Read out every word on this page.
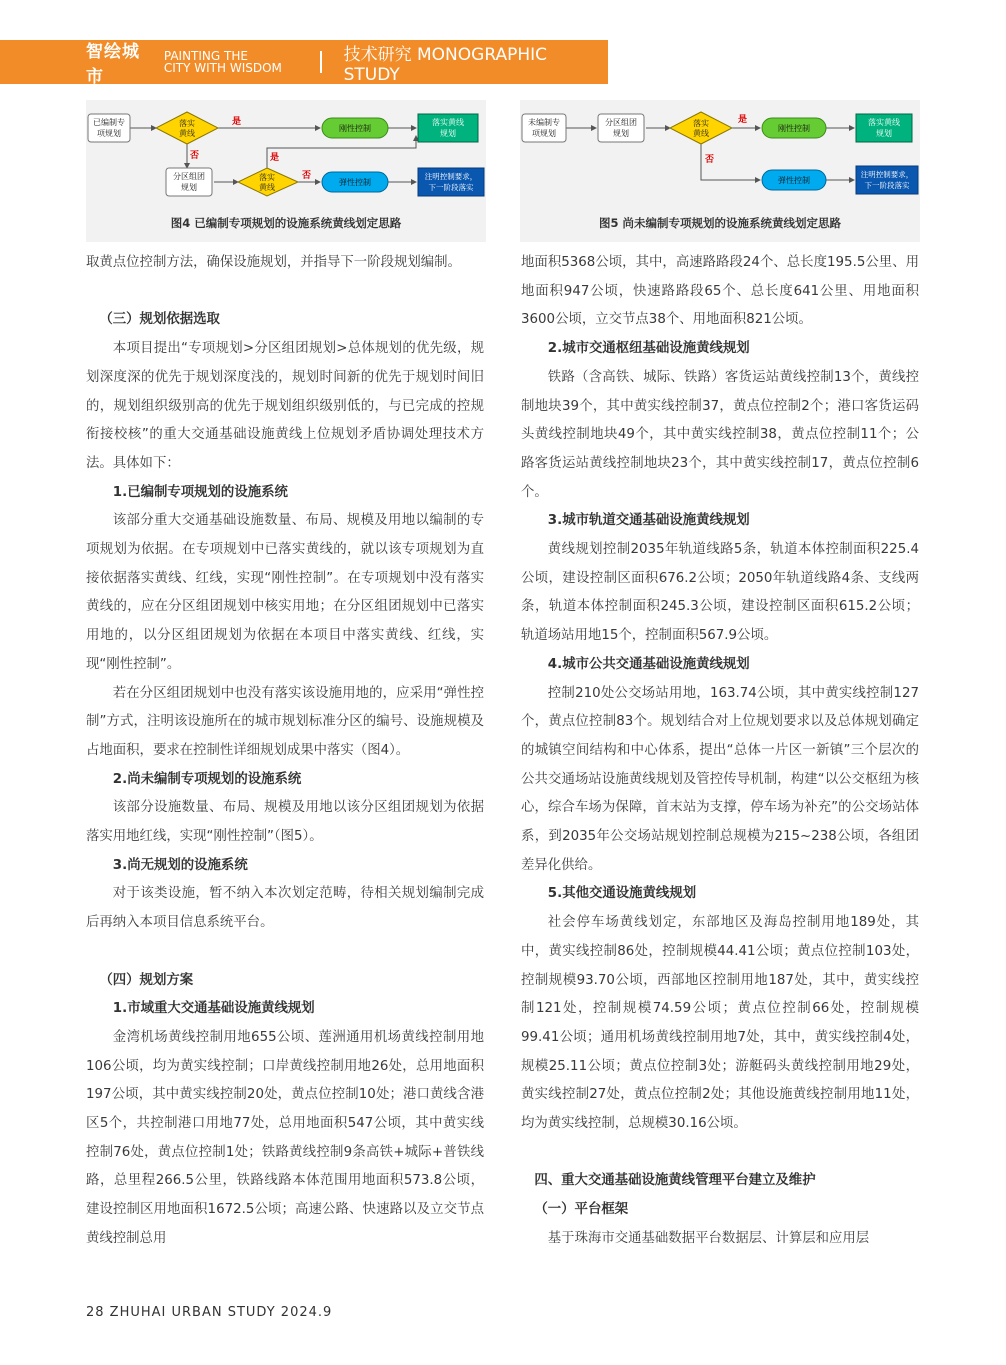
智绘城市
PAINTING THE
CITY WITH WISDOM
技术研究 MONOGRAPHIC STUDY
已编制专
项规划
落实
黄线
刚性控制
落实黄线
规划
分区组团
规划
落实
黄线
弹性控制
注明控制要求，
下一阶段落实
是
否	是
否
图4 已编制专项规划的设施系统黄线划定思路
未编制专
项规划
分区组团
规划
落实
黄线
刚性控制
落实黄线
规划
弹性控制
注明控制要求，
下一阶段落实
是
否
图5 尚未编制专项规划的设施系统黄线划定思路

取黄点位控制方法，确保设施规划，并指导下一阶段规划编制。

（三）规划依据选取

本项目提出“专项规划>分区组团规划>总体规划的优先级，规划深度深的优先于规划深度浅的，规划时间新的优先于规划时间旧的，规划组织级别高的优先于规划组织级别低的，与已完成的控规衔接校核”的重大交通基础设施黄线上位规划矛盾协调处理技术方法。具体如下：

1.已编制专项规划的设施系统

该部分重大交通基础设施数量、布局、规模及用地以编制的专项规划为依据。在专项规划中已落实黄线的，就以该专项规划为直接依据落实黄线、红线，实现“刚性控制”。在专项规划中没有落实黄线的，应在分区组团规划中核实用地；在分区组团规划中已落实用地的，以分区组团规划为依据在本项目中落实黄线、红线，实现“刚性控制”。

若在分区组团规划中也没有落实该设施用地的，应采用“弹性控制”方式，注明该设施所在的城市规划标准分区的编号、设施规模及占地面积，要求在控制性详细规划成果中落实（图4）。

2.尚未编制专项规划的设施系统

该部分设施数量、布局、规模及用地以该分区组团规划为依据落实用地红线，实现“刚性控制”（图5）。

3.尚无规划的设施系统

对于该类设施，暂不纳入本次划定范畴，待相关规划编制完成后再纳入本项目信息系统平台。

（四）规划方案

1.市域重大交通基础设施黄线规划

金湾机场黄线控制用地655公顷、莲洲通用机场黄线控制用地106公顷，均为黄实线控制；口岸黄线控制用地26处，总用地面积197公顷，其中黄实线控制20处，黄点位控制10处；港口黄线含港区5个，共控制港口用地77处，总用地面积547公顷，其中黄实线控制76处，黄点位控制1处；铁路黄线控制9条高铁+城际+普铁线路，总里程266.5公里，铁路线路本体范围用地面积573.8公顷，建设控制区用地面积1672.5公顷；高速公路、快速路以及立交节点黄线控制总用

地面积5368公顷，其中，高速路路段24个、总长度195.5公里、用地面积947公顷，快速路路段65个、总长度641公里、用地面积3600公顷，立交节点38个、用地面积821公顷。

2.城市交通枢纽基础设施黄线规划

铁路（含高铁、城际、铁路）客货运站黄线控制13个，黄线控制地块39个，其中黄实线控制37，黄点位控制2个；港口客货运码头黄线控制地块49个，其中黄实线控制38，黄点位控制11个；公路客货运站黄线控制地块23个，其中黄实线控制17，黄点位控制6个。

3.城市轨道交通基础设施黄线规划

黄线规划控制2035年轨道线路5条，轨道本体控制面积225.4公顷，建设控制区面积676.2公顷；2050年轨道线路4条、支线两条，轨道本体控制面积245.3公顷，建设控制区面积615.2公顷；轨道场站用地15个，控制面积567.9公顷。

4.城市公共交通基础设施黄线规划

控制210处公交场站用地，163.74公顷，其中黄实线控制127个，黄点位控制83个。规划结合对上位规划要求以及总体规划确定的城镇空间结构和中心体系，提出“总体一片区一新镇”三个层次的公共交通场站设施黄线规划及管控传导机制，构建“以公交枢纽为核心，综合车场为保障，首末站为支撑，停车场为补充”的公交场站体系，到2035年公交场站规划控制总规模为215~238公顷，各组团差异化供给。

5.其他交通设施黄线规划

社会停车场黄线划定，东部地区及海岛控制用地189处，其中，黄实线控制86处，控制规模44.41公顷；黄点位控制103处，控制规模93.70公顷，西部地区控制用地187处，其中，黄实线控制121处，控制规模74.59公顷；黄点位控制66处，控制规模99.41公顷；通用机场黄线控制用地7处，其中，黄实线控制4处，规模25.11公顷；黄点位控制3处；游艇码头黄线控制用地29处，黄实线控制27处，黄点位控制2处；其他设施黄线控制用地11处，均为黄实线控制，总规模30.16公顷。

四、重大交通基础设施黄线管理平台建立及维护

（一）平台框架

基于珠海市交通基础数据平台数据层、计算层和应用层

28 ZHUHAI URBAN STUDY 2024.9
